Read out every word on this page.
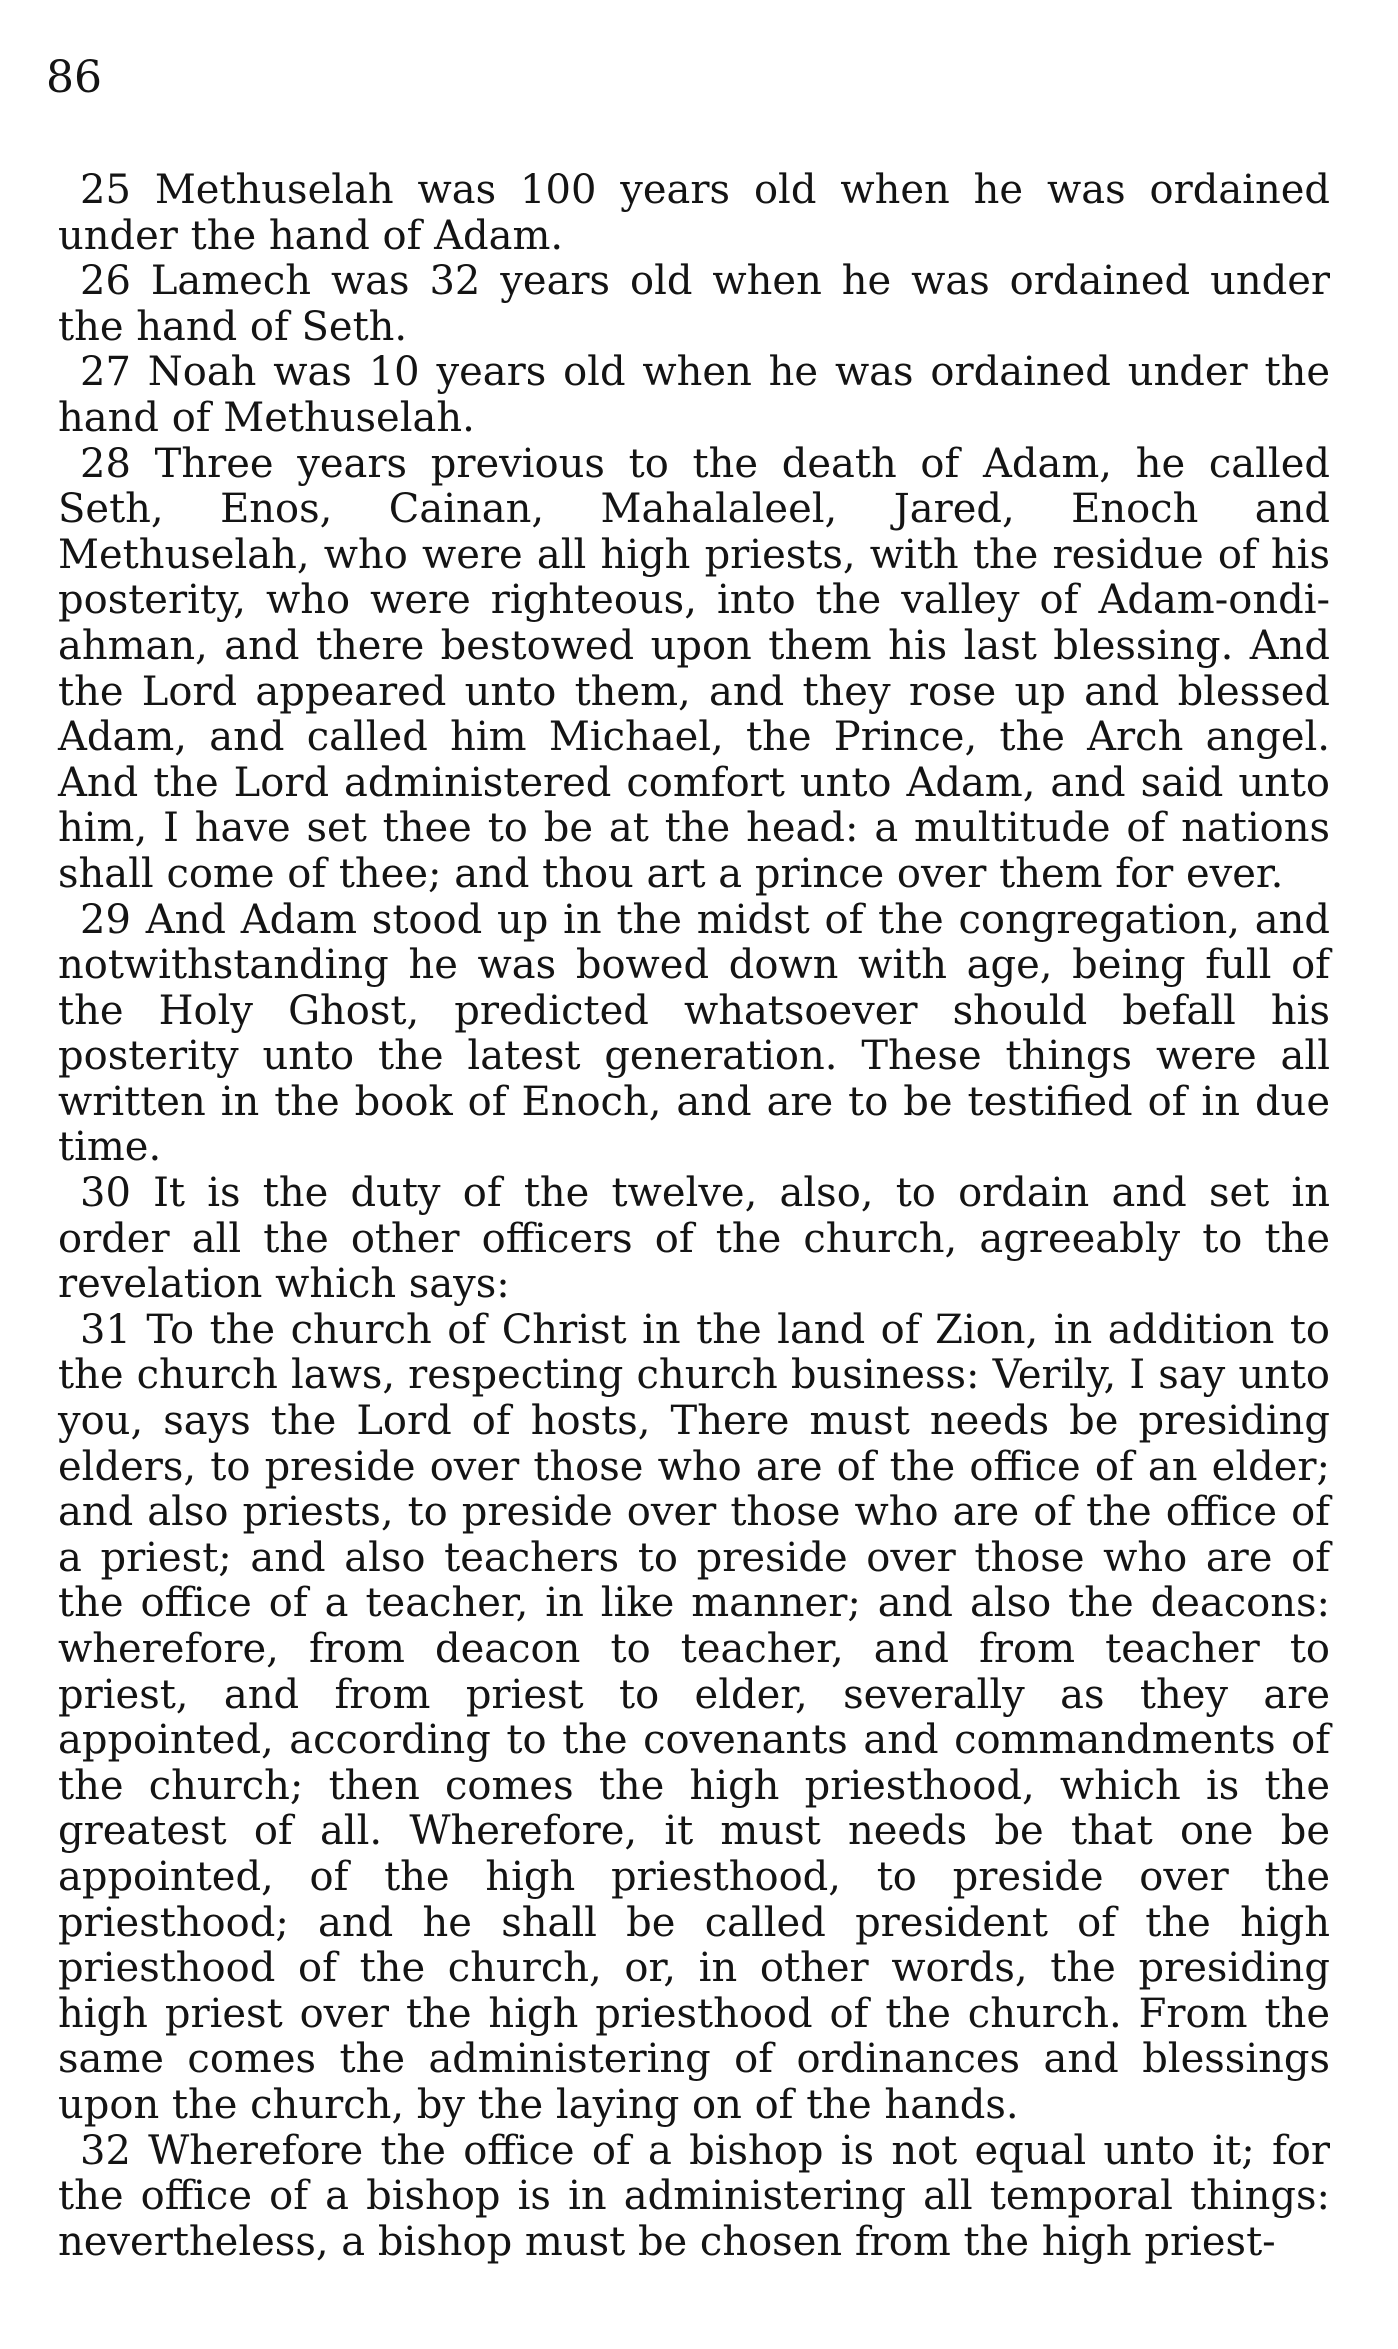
86

25 Methuselah was 100 years old when he was ordained under the hand of Adam.

26 Lamech was 32 years old when he was ordained under the hand of Seth.

27 Noah was 10 years old when he was ordained under the hand of Methuselah.

28 Three years previous to the death of Adam, he called Seth, Enos, Cainan, Mahalaleel, Jared, Enoch and Methuselah, who were all high priests, with the residue of his posterity, who were righteous, into the valley of Adam-ondi-ahman, and there bestowed upon them his last blessing. And the Lord appeared unto them, and they rose up and blessed Adam, and called him Michael, the Prince, the Arch angel. And the Lord administered comfort unto Adam, and said unto him, I have set thee to be at the head: a multitude of nations shall come of thee; and thou art a prince over them for ever.

29 And Adam stood up in the midst of the congregation, and notwithstanding he was bowed down with age, being full of the Holy Ghost, predicted whatsoever should befall his posterity unto the latest generation. These things were all written in the book of Enoch, and are to be testified of in due time.

30 It is the duty of the twelve, also, to ordain and set in order all the other officers of the church, agreeably to the revelation which says:

31 To the church of Christ in the land of Zion, in addition to the church laws, respecting church business: Verily, I say unto you, says the Lord of hosts, There must needs be presiding elders, to preside over those who are of the office of an elder; and also priests, to preside over those who are of the office of a priest; and also teachers to preside over those who are of the office of a teacher, in like manner; and also the deacons: wherefore, from deacon to teacher, and from teacher to priest, and from priest to elder, severally as they are appointed, according to the covenants and commandments of the church; then comes the high priesthood, which is the greatest of all. Wherefore, it must needs be that one be appointed, of the high priesthood, to preside over the priesthood; and he shall be called president of the high priesthood of the church, or, in other words, the presiding high priest over the high priesthood of the church. From the same comes the administering of ordinances and blessings upon the church, by the laying on of the hands.

32 Wherefore the office of a bishop is not equal unto it; for the office of a bishop is in administering all temporal things: nevertheless, a bishop must be chosen from the high priest-
